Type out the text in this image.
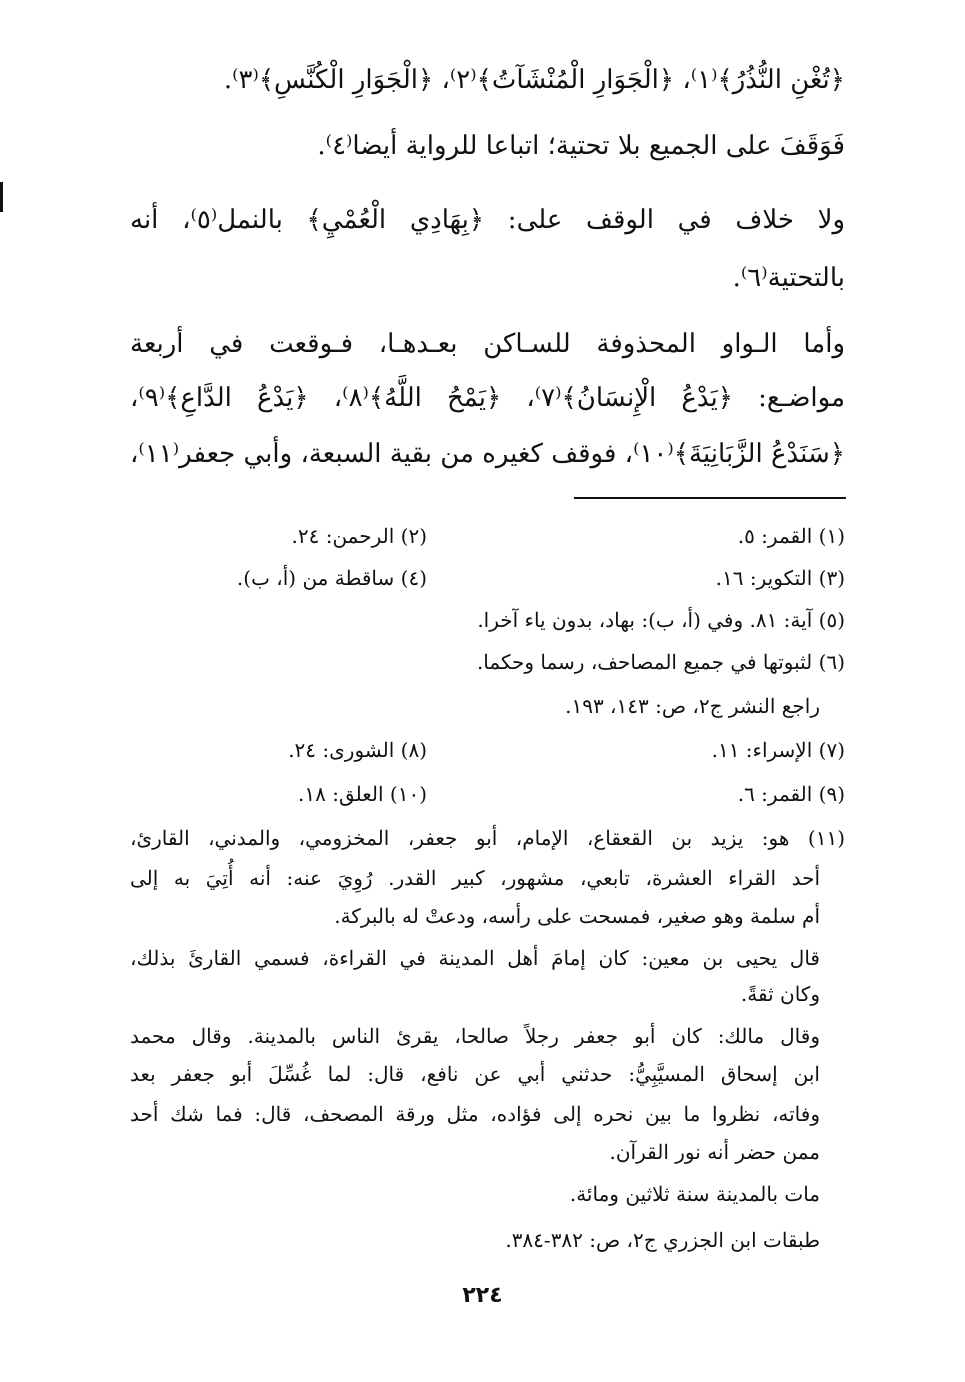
﴿تُغْنِ النُّذُرُ﴾⁽١⁾، ﴿الْجَوَارِ الْمُنْشَآتُ﴾⁽٢⁾، ﴿الْجَوَارِ الْكُنَّسِ﴾⁽٣⁾.
فَوَقَفَ على الجميع بلا تحتية؛ اتباعا للرواية أيضا⁽٤⁾.
ولا خلاف في الوقف على: ﴿بِهَادِي الْعُمْيِ﴾ بالنمل⁽٥⁾، أنه
بالتحتية⁽٦⁾.
وأما الـواو المحذوفة للسـاكن بعـدهـا، فـوقعت في أربعة
مواضـع: ﴿يَدْعُ الْإِنسَانُ﴾⁽٧⁾، ﴿يَمْحُ اللَّهُ﴾⁽٨⁾، ﴿يَدْعُ الدَّاعِ﴾⁽٩⁾،
﴿سَنَدْعُ الزَّبَانِيَةَ﴾⁽١٠⁾، فوقف كغيره من بقية السبعة، وأبي جعفر⁽١١⁾،
(١) القمر: ٥.
(٢) الرحمن: ٢٤.
(٣) التكوير: ١٦.
(٤) ساقطة من (أ، ب).
(٥) آية: ٨١. وفي (أ، ب): بهاد، بدون ياء آخرا.
(٦) لثبوتها في جميع المصاحف، رسما وحكما.
راجع النشر ج٢، ص: ١٤٣، ١٩٣.
(٧) الإسراء: ١١.
(٨) الشورى: ٢٤.
(٩) القمر: ٦.
(١٠) العلق: ١٨.
(١١) هو: يزيد بن القعقاع، الإمام، أبو جعفر، المخزومي، والمدني، القارئ،
أحد القراء العشرة، تابعي، مشهور، كبير القدر. رُوِيَ عنه: أنه أُتِيَ به إلى
أم سلمة وهو صغير، فمسحت على رأسه، ودعتْ له بالبركة.
قال يحيى بن معين: كان إمامَ أهل المدينة في القراءة، فسمي القارئَ بذلك،
وكان ثقةً.
وقال مالك: كان أبو جعفر رجلاً صالحا، يقرئ الناس بالمدينة. وقال محمد
ابن إسحاق المسيَّبِيُّ: حدثني أبي عن نافع، قال: لما غُسِّلَ أبو جعفر بعد
وفاته، نظروا ما بين نحره إلى فؤاده، مثل ورقة المصحف، قال: فما شك أحد
ممن حضر أنه نور القرآن.
مات بالمدينة سنة ثلاثين ومائة.
طبقات ابن الجزري ج٢، ص: ٣٨٢-٣٨٤.
٢٢٤
